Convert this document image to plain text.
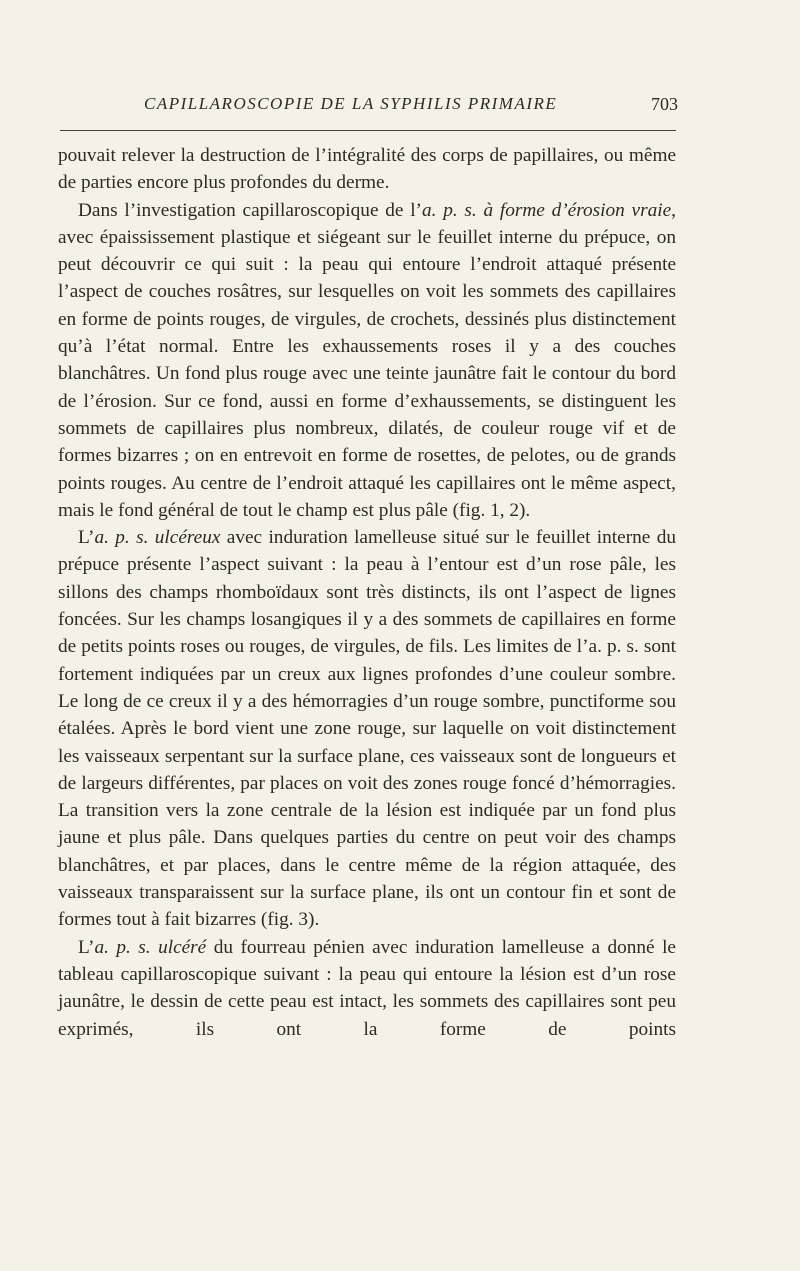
CAPILLAROSCOPIE DE LA SYPHILIS PRIMAIRE	703

pouvait relever la destruction de l’intégralité des corps de papillaires, ou même de parties encore plus profondes du derme.

Dans l’investigation capillaroscopique de l’a. p. s. à forme d’érosion vraie, avec épaississement plastique et siégeant sur le feuillet interne du prépuce, on peut découvrir ce qui suit : la peau qui entoure l’endroit attaqué présente l’aspect de couches rosâtres, sur lesquelles on voit les sommets des capillaires en forme de points rouges, de virgules, de crochets, dessinés plus distinctement qu’à l’état normal. Entre les exhaussements roses il y a des couches blanchâtres. Un fond plus rouge avec une teinte jaunâtre fait le contour du bord de l’érosion. Sur ce fond, aussi en forme d’exhaussements, se distinguent les sommets de capillaires plus nombreux, dilatés, de couleur rouge vif et de formes bizarres ; on en entrevoit en forme de rosettes, de pelotes, ou de grands points rouges. Au centre de l’endroit attaqué les capillaires ont le même aspect, mais le fond général de tout le champ est plus pâle (fig. 1, 2).

L’a. p. s. ulcéreux avec induration lamelleuse situé sur le feuillet interne du prépuce présente l’aspect suivant : la peau à l’entour est d’un rose pâle, les sillons des champs rhomboïdaux sont très distincts, ils ont l’aspect de lignes foncées. Sur les champs losangiques il y a des sommets de capillaires en forme de petits points roses ou rouges, de virgules, de fils. Les limites de l’a. p. s. sont fortement indiquées par un creux aux lignes profondes d’une couleur sombre. Le long de ce creux il y a des hémorragies d’un rouge sombre, punctiforme sou étalées. Après le bord vient une zone rouge, sur laquelle on voit distinctement les vaisseaux serpentant sur la surface plane, ces vaisseaux sont de longueurs et de largeurs différentes, par places on voit des zones rouge foncé d’hémorragies. La transition vers la zone centrale de la lésion est indiquée par un fond plus jaune et plus pâle. Dans quelques parties du centre on peut voir des champs blanchâtres, et par places, dans le centre même de la région attaquée, des vaisseaux transparaissent sur la surface plane, ils ont un contour fin et sont de formes tout à fait bizarres (fig. 3).

L’a. p. s. ulcéré du fourreau pénien avec induration lamelleuse a donné le tableau capillaroscopique suivant : la peau qui entoure la lésion est d’un rose jaunâtre, le dessin de cette peau est intact, les sommets des capillaires sont peu exprimés, ils ont la forme de points
